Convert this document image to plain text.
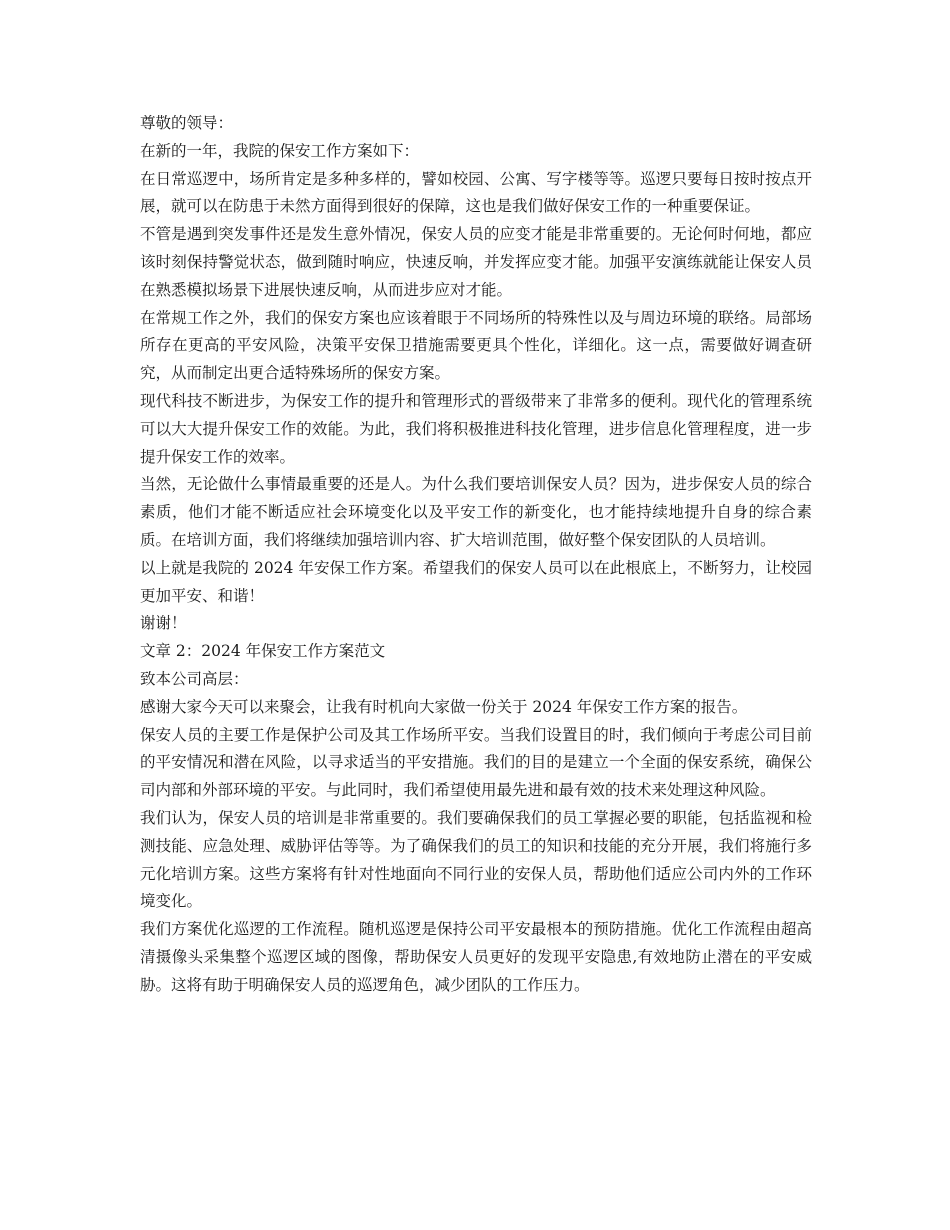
尊敬的领导：

在新的一年，我院的保安工作方案如下：

在日常巡逻中，场所肯定是多种多样的，譬如校园、公寓、写字楼等等。巡逻只要每日按时按点开展，就可以在防患于未然方面得到很好的保障，这也是我们做好保安工作的一种重要保证。

不管是遇到突发事件还是发生意外情况，保安人员的应变才能是非常重要的。无论何时何地，都应该时刻保持警觉状态，做到随时响应，快速反响，并发挥应变才能。加强平安演练就能让保安人员在熟悉模拟场景下进展快速反响，从而进步应对才能。

在常规工作之外，我们的保安方案也应该着眼于不同场所的特殊性以及与周边环境的联络。局部场所存在更高的平安风险，决策平安保卫措施需要更具个性化，详细化。这一点，需要做好调查研究，从而制定出更合适特殊场所的保安方案。

现代科技不断进步，为保安工作的提升和管理形式的晋级带来了非常多的便利。现代化的管理系统可以大大提升保安工作的效能。为此，我们将积极推进科技化管理，进步信息化管理程度，进一步提升保安工作的效率。

当然，无论做什么事情最重要的还是人。为什么我们要培训保安人员？因为，进步保安人员的综合素质，他们才能不断适应社会环境变化以及平安工作的新变化，也才能持续地提升自身的综合素质。在培训方面，我们将继续加强培训内容、扩大培训范围，做好整个保安团队的人员培训。

以上就是我院的 2024 年安保工作方案。希望我们的保安人员可以在此根底上，不断努力，让校园更加平安、和谐！

谢谢！

文章 2：2024 年保安工作方案范文

致本公司高层：

感谢大家今天可以来聚会，让我有时机向大家做一份关于 2024 年保安工作方案的报告。

保安人员的主要工作是保护公司及其工作场所平安。当我们设置目的时，我们倾向于考虑公司目前的平安情况和潜在风险，以寻求适当的平安措施。我们的目的是建立一个全面的保安系统，确保公司内部和外部环境的平安。与此同时，我们希望使用最先进和最有效的技术来处理这种风险。

我们认为，保安人员的培训是非常重要的。我们要确保我们的员工掌握必要的职能，包括监视和检测技能、应急处理、威胁评估等等。为了确保我们的员工的知识和技能的充分开展，我们将施行多元化培训方案。这些方案将有针对性地面向不同行业的安保人员，帮助他们适应公司内外的工作环境变化。

我们方案优化巡逻的工作流程。随机巡逻是保持公司平安最根本的预防措施。优化工作流程由超高清摄像头采集整个巡逻区域的图像，帮助保安人员更好的发现平安隐患,有效地防止潜在的平安威胁。这将有助于明确保安人员的巡逻角色，减少团队的工作压力。
